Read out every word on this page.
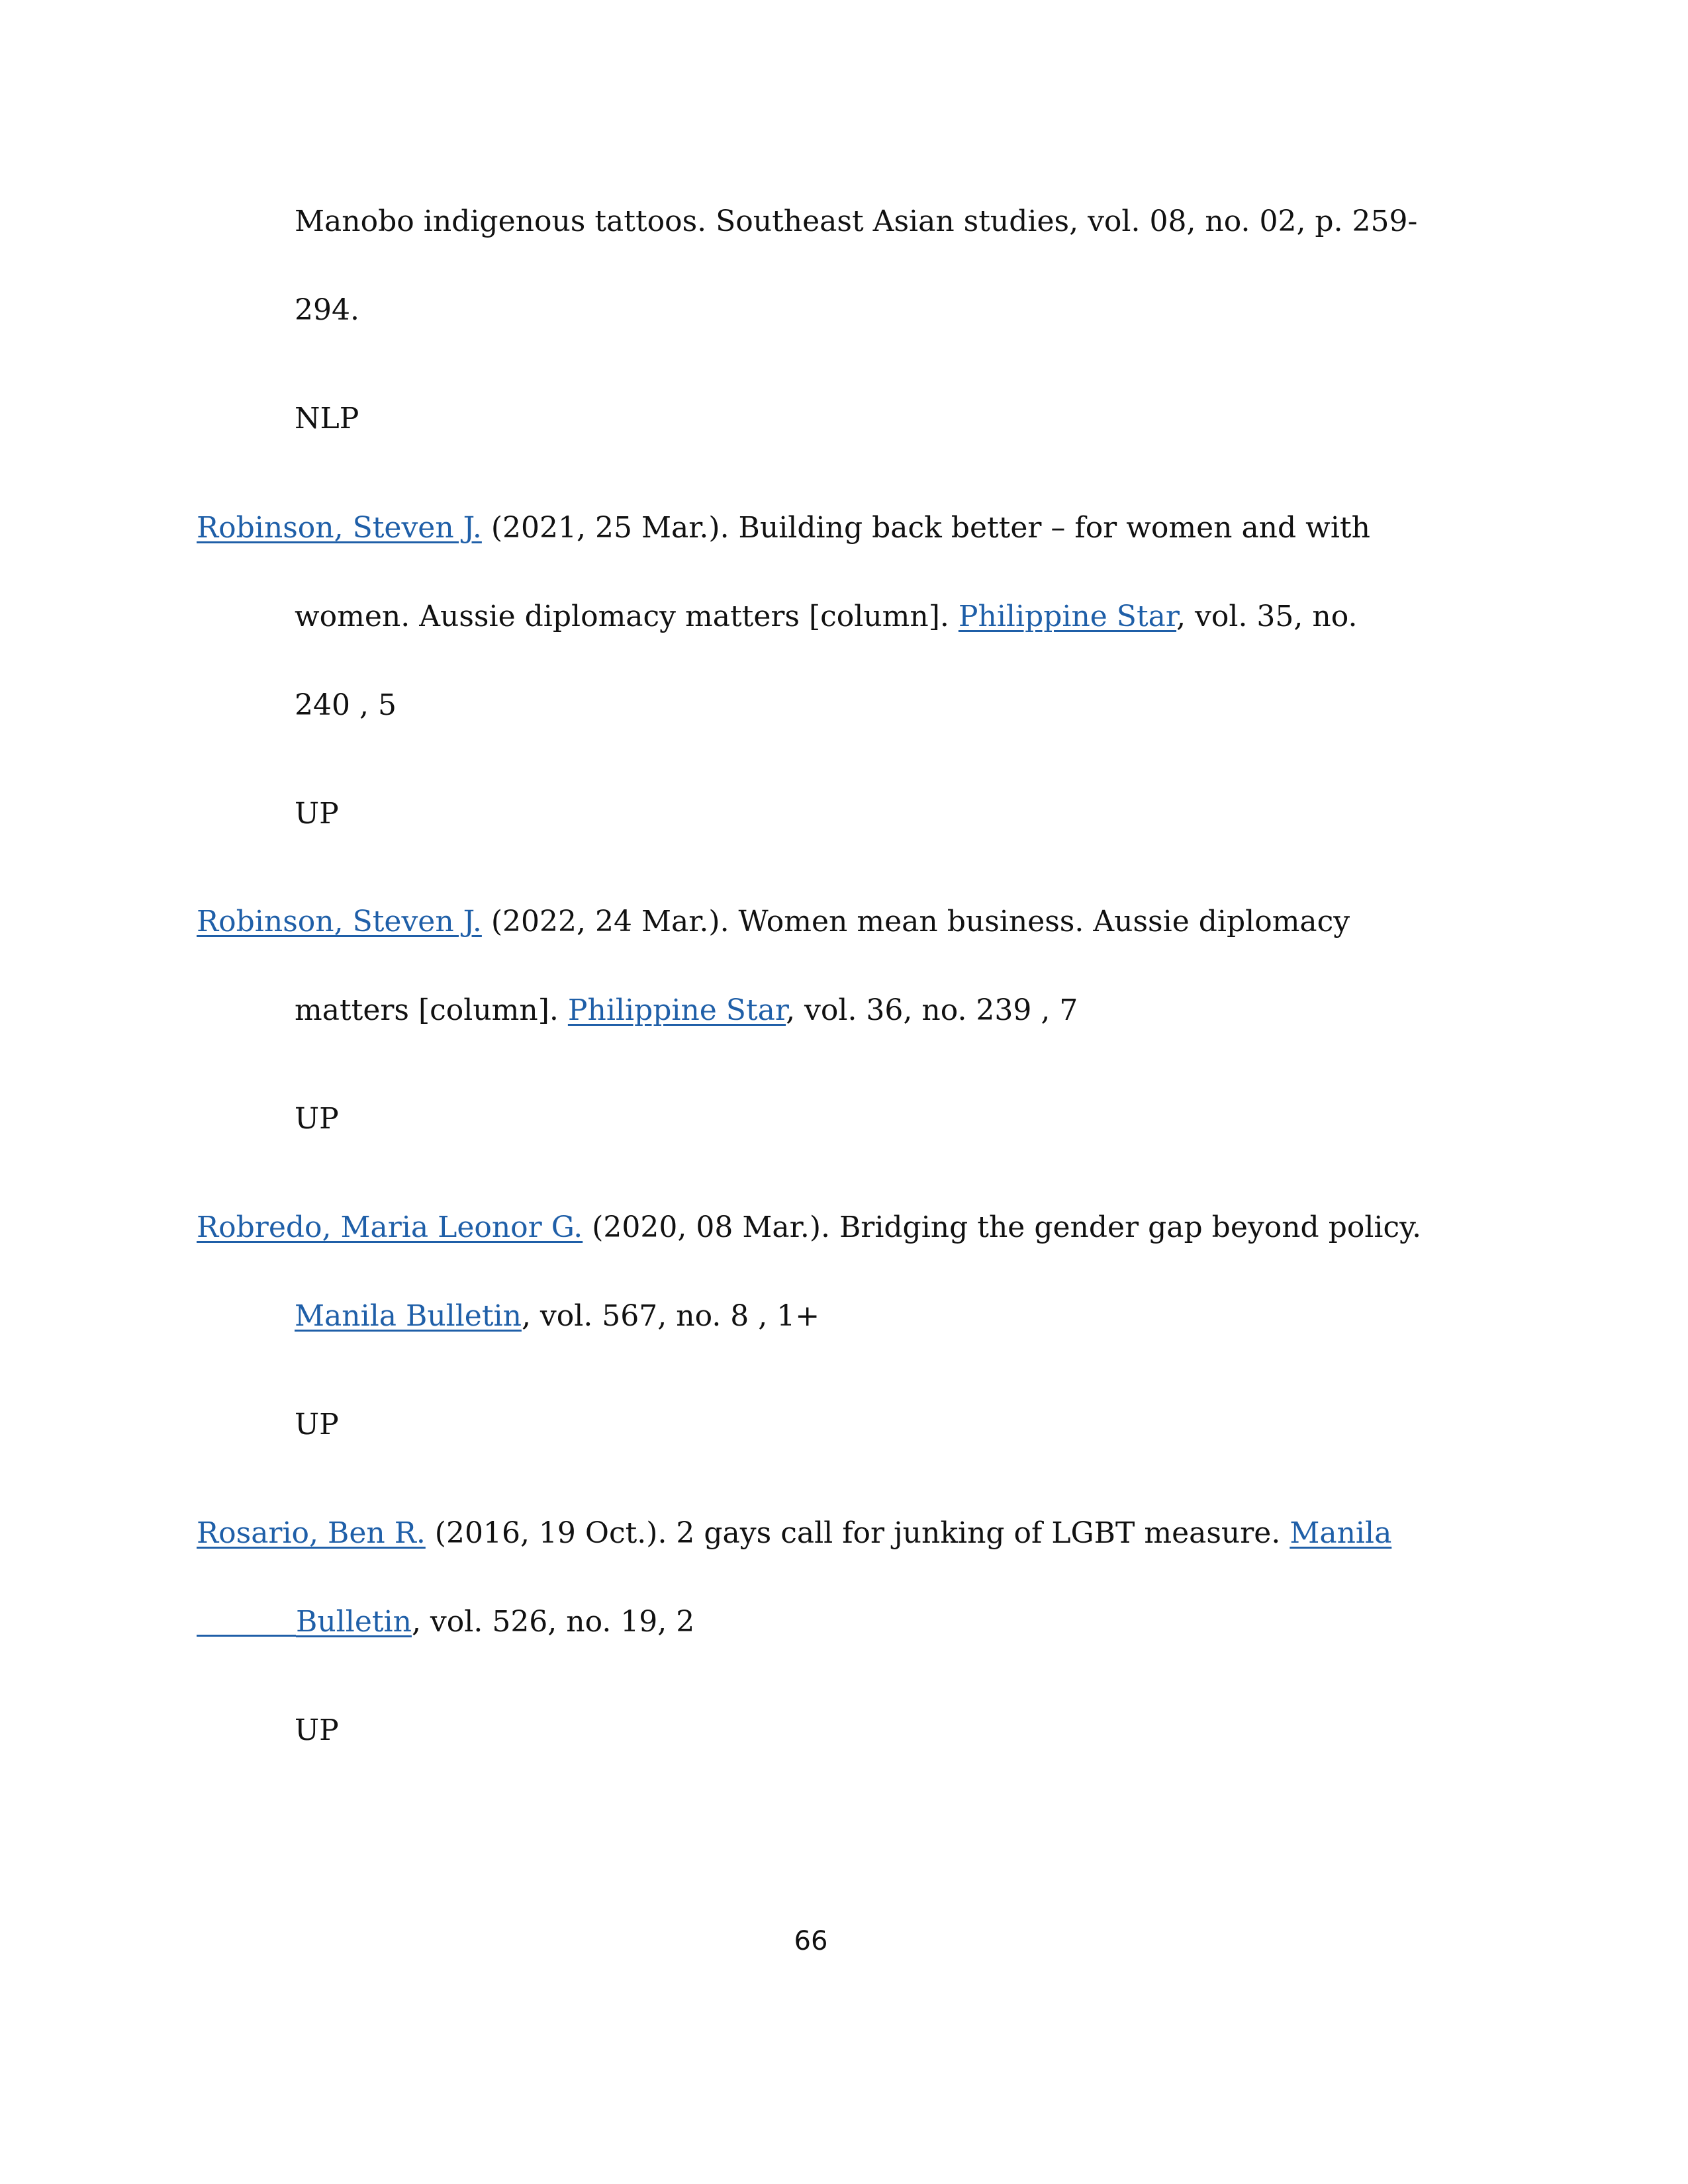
Manobo indigenous tattoos. Southeast Asian studies, vol. 08, no. 02, p. 259-
294.
NLP
Robinson, Steven J. (2021, 25 Mar.). Building back better – for women and with
women. Aussie diplomacy matters [column]. Philippine Star, vol. 35, no.
240 , 5
UP
Robinson, Steven J. (2022, 24 Mar.). Women mean business. Aussie diplomacy
matters [column]. Philippine Star, vol. 36, no. 239 , 7
UP
Robredo, Maria Leonor G. (2020, 08 Mar.). Bridging the gender gap beyond policy.
Manila Bulletin, vol. 567, no. 8 , 1+
UP
Rosario, Ben R. (2016, 19 Oct.). 2 gays call for junking of LGBT measure. Manila
Bulletin, vol. 526, no. 19, 2
UP
66
